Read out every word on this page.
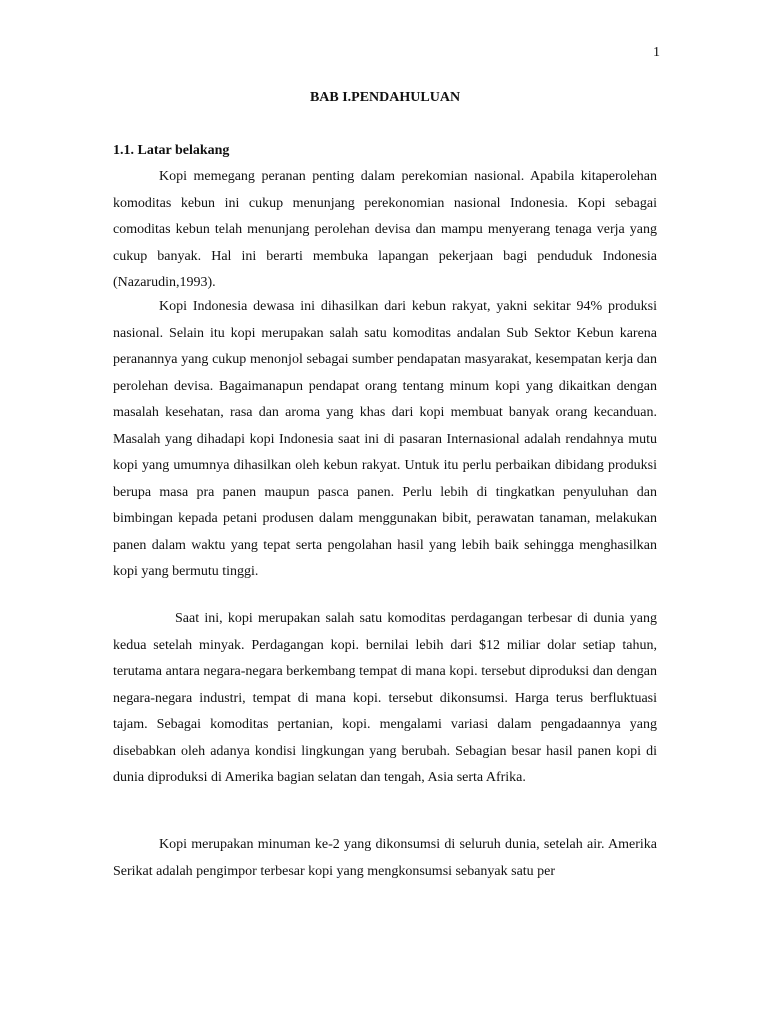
1
BAB I.PENDAHULUAN
1.1. Latar belakang

Kopi memegang peranan penting dalam perekomian nasional. Apabila kitaperolehan komoditas kebun ini cukup menunjang perekonomian nasional Indonesia. Kopi sebagai comoditas kebun telah menunjang perolehan devisa dan mampu menyerang tenaga verja yang cukup banyak. Hal ini berarti membuka lapangan pekerjaan bagi penduduk Indonesia (Nazarudin,1993).

Kopi Indonesia dewasa ini dihasilkan dari kebun rakyat, yakni sekitar 94% produksi nasional. Selain itu kopi merupakan salah satu komoditas andalan Sub Sektor Kebun karena peranannya yang cukup menonjol sebagai sumber pendapatan masyarakat, kesempatan kerja dan perolehan devisa. Bagaimanapun pendapat orang tentang minum kopi yang dikaitkan dengan masalah kesehatan, rasa dan aroma yang khas dari kopi membuat banyak orang kecanduan. Masalah yang dihadapi kopi Indonesia saat ini di pasaran Internasional adalah rendahnya mutu kopi yang umumnya dihasilkan oleh kebun rakyat. Untuk itu perlu perbaikan dibidang produksi berupa masa pra panen maupun pasca panen. Perlu lebih di tingkatkan penyuluhan dan bimbingan kepada petani produsen dalam menggunakan bibit, perawatan tanaman, melakukan panen dalam waktu yang tepat serta pengolahan hasil yang lebih baik sehingga menghasilkan kopi yang bermutu tinggi.

Saat ini, kopi merupakan salah satu komoditas perdagangan terbesar di dunia yang kedua setelah minyak. Perdagangan kopi. bernilai lebih dari $12 miliar dolar setiap tahun, terutama antara negara-negara berkembang tempat di mana kopi. tersebut diproduksi dan dengan negara-negara industri, tempat di mana kopi. tersebut dikonsumsi. Harga terus berfluktuasi tajam. Sebagai komoditas pertanian, kopi. mengalami variasi dalam pengadaannya yang disebabkan oleh adanya kondisi lingkungan yang berubah. Sebagian besar hasil panen kopi di dunia diproduksi di Amerika bagian selatan dan tengah, Asia serta Afrika.

Kopi merupakan minuman ke-2 yang dikonsumsi di seluruh dunia, setelah air. Amerika Serikat adalah pengimpor terbesar kopi yang mengkonsumsi sebanyak satu per
